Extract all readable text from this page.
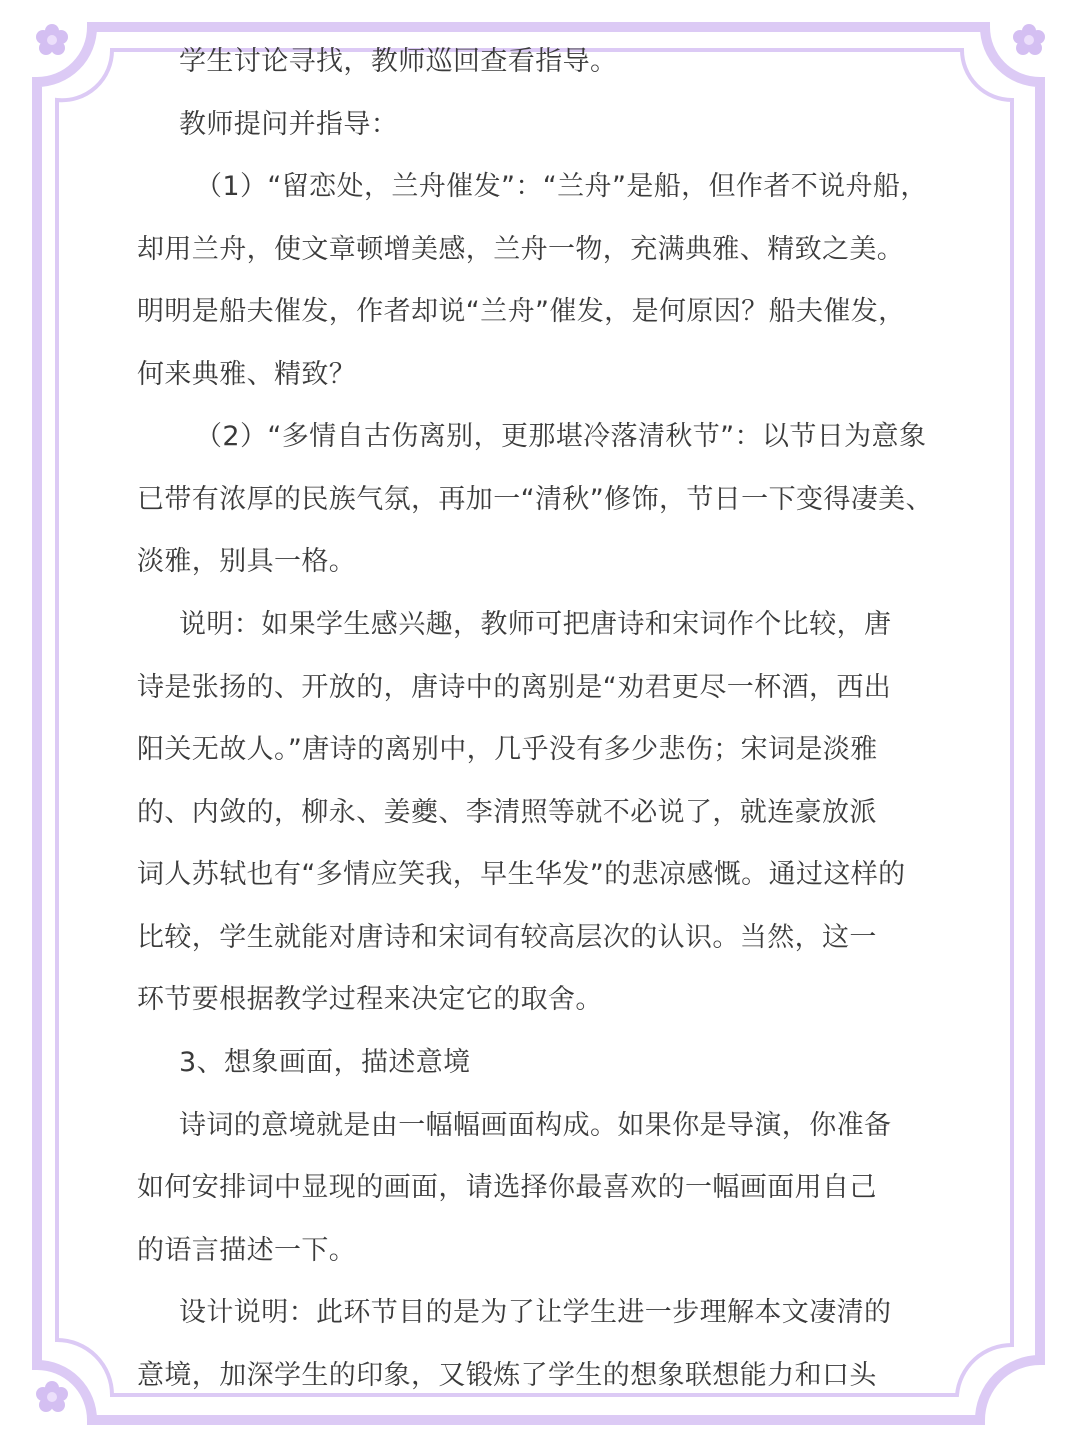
学生讨论寻找，教师巡回查看指导。
教师提问并指导：
（1）“留恋处，兰舟催发”：“兰舟”是船，但作者不说舟船，
却用兰舟，使文章顿增美感，兰舟一物，充满典雅、精致之美。
明明是船夫催发，作者却说“兰舟”催发，是何原因？船夫催发，
何来典雅、精致？
（2）“多情自古伤离别，更那堪冷落清秋节”：以节日为意象
已带有浓厚的民族气氛，再加一“清秋”修饰，节日一下变得凄美、
淡雅，别具一格。
说明：如果学生感兴趣，教师可把唐诗和宋词作个比较，唐
诗是张扬的、开放的，唐诗中的离别是“劝君更尽一杯酒，西出
阳关无故人。”唐诗的离别中，几乎没有多少悲伤；宋词是淡雅
的、内敛的，柳永、姜夔、李清照等就不必说了，就连豪放派
词人苏轼也有“多情应笑我，早生华发”的悲凉感慨。通过这样的
比较，学生就能对唐诗和宋词有较高层次的认识。当然，这一
环节要根据教学过程来决定它的取舍。
3、想象画面，描述意境
诗词的意境就是由一幅幅画面构成。如果你是导演，你准备
如何安排词中显现的画面，请选择你最喜欢的一幅画面用自己
的语言描述一下。
设计说明：此环节目的是为了让学生进一步理解本文凄清的
意境，加深学生的印象，又锻炼了学生的想象联想能力和口头
